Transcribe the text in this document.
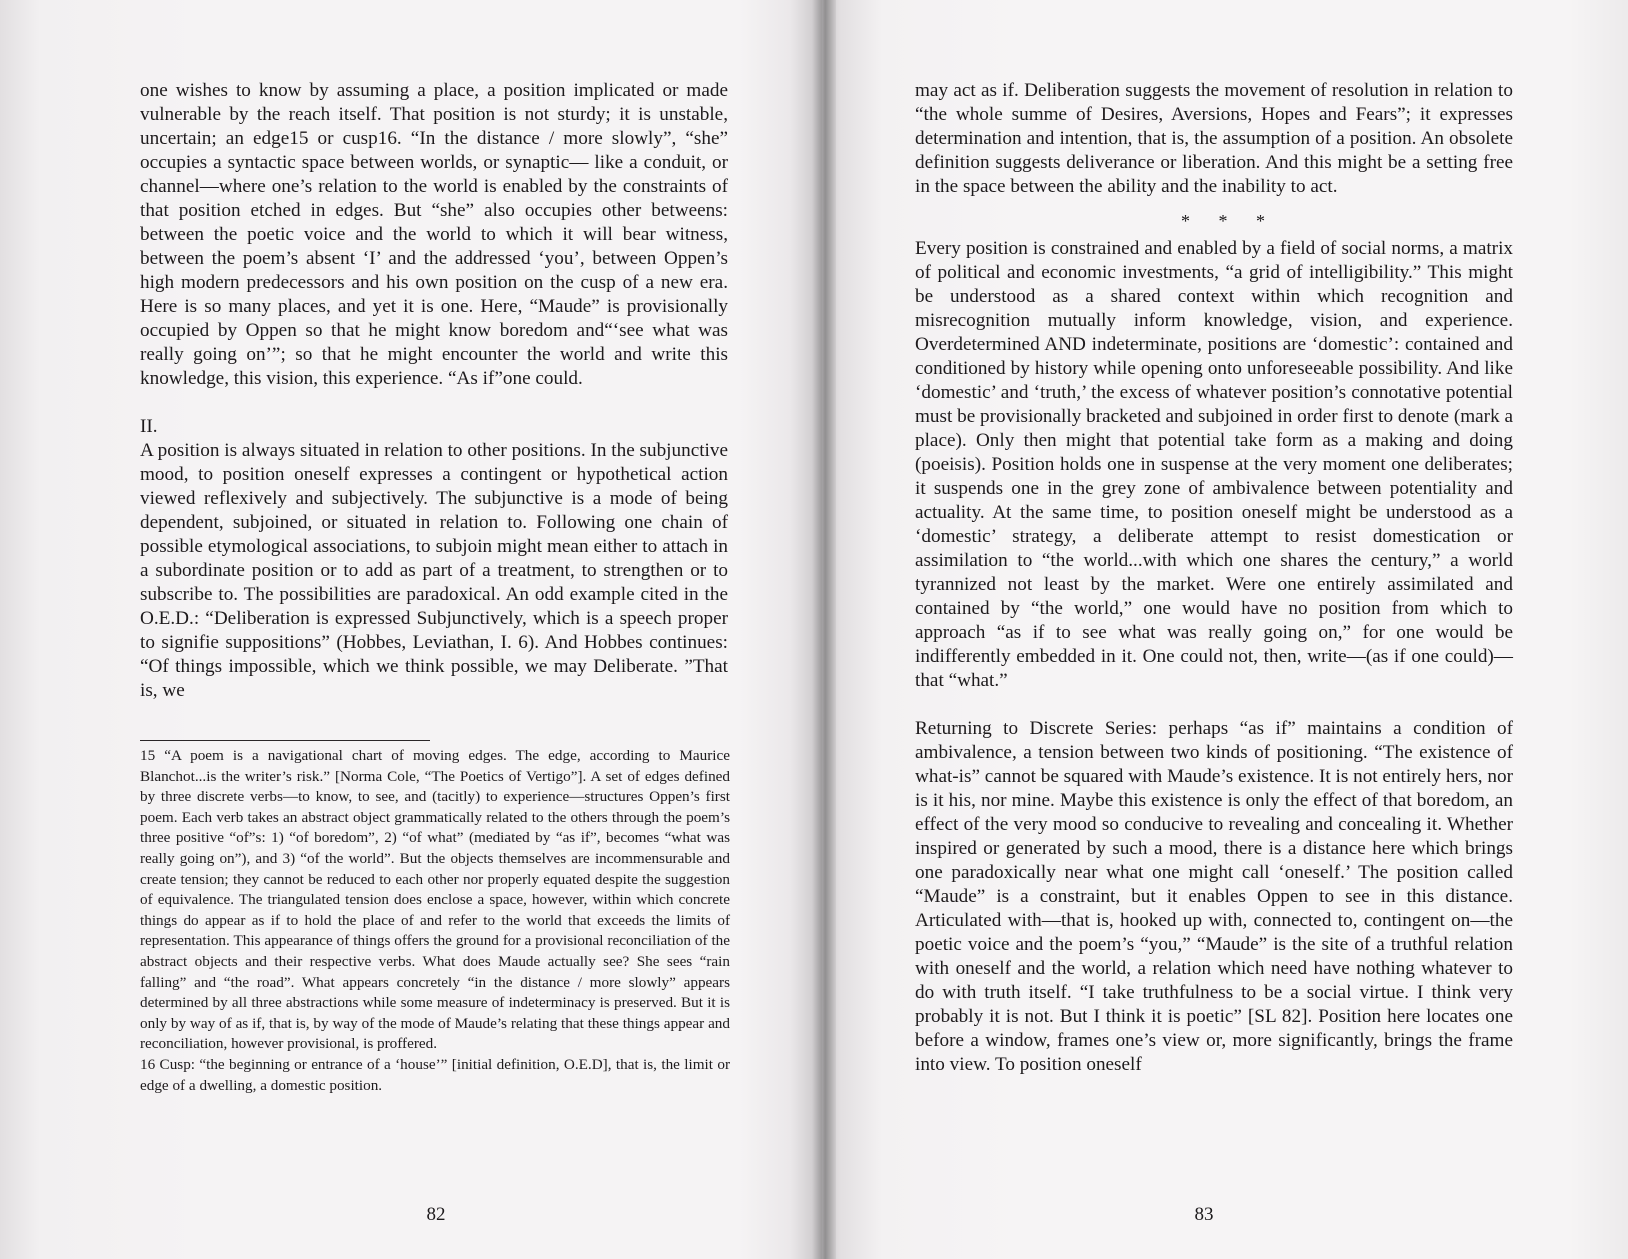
one wishes to know by assuming a place, a position implicated or made vulnerable by the reach itself. That position is not sturdy; it is unstable, uncertain; an edge15 or cusp16. “In the distance / more slowly”, “she” occupies a syntactic space between worlds, or synaptic— like a conduit, or channel—where one’s relation to the world is enabled by the constraints of that position etched in edges. But “she” also occupies other betweens: between the poetic voice and the world to which it will bear witness, between the poem’s absent ‘I’ and the addressed ‘you’, between Oppen’s high modern predecessors and his own position on the cusp of a new era. Here is so many places, and yet it is one. Here, “Maude” is provisionally occupied by Oppen so that he might know boredom and“‘see what was really going on’”; so that he might encounter the world and write this knowledge, this vision, this experience. “As if”one could.

II.

A position is always situated in relation to other positions. In the subjunctive mood, to position oneself expresses a contingent or hypothetical action viewed reflexively and subjectively. The subjunctive is a mode of being dependent, subjoined, or situated in relation to. Following one chain of possible etymological associations, to subjoin might mean either to attach in a subordinate position or to add as part of a treatment, to strengthen or to subscribe to. The possibilities are paradoxical. An odd example cited in the O.E.D.: “Deliberation is expressed Subjunctively, which is a speech proper to signifie suppositions” (Hobbes, Leviathan, I. 6). And Hobbes continues: “Of things impossible, which we think possible, we may Deliberate. ”That is, we

15 “A poem is a navigational chart of moving edges. The edge, according to Maurice Blanchot...is the writer’s risk.” [Norma Cole, “The Poetics of Vertigo”]. A set of edges defined by three discrete verbs—to know, to see, and (tacitly) to experience—structures Oppen’s first poem. Each verb takes an abstract object grammatically related to the others through the poem’s three positive “of”s: 1) “of boredom”, 2) “of what” (mediated by “as if”, becomes “what was really going on”), and 3) “of the world”. But the objects themselves are incommensurable and create tension; they cannot be reduced to each other nor properly equated despite the suggestion of equivalence. The triangulated tension does enclose a space, however, within which concrete things do appear as if to hold the place of and refer to the world that exceeds the limits of representation. This appearance of things offers the ground for a provisional reconciliation of the abstract objects and their respective verbs. What does Maude actually see? She sees “rain falling” and “the road”. What appears concretely “in the distance / more slowly” appears determined by all three abstractions while some measure of indeterminacy is preserved. But it is only by way of as if, that is, by way of the mode of Maude’s relating that these things appear and reconciliation, however provisional, is proffered.

16 Cusp: “the beginning or entrance of a ‘house’” [initial definition, O.E.D], that is, the limit or edge of a dwelling, a domestic position.

82

may act as if. Deliberation suggests the movement of resolution in relation to “the whole summe of Desires, Aversions, Hopes and Fears”; it expresses determination and intention, that is, the assumption of a position. An obsolete definition suggests deliverance or liberation. And this might be a setting free in the space between the ability and the inability to act.

* * *

Every position is constrained and enabled by a field of social norms, a matrix of political and economic investments, “a grid of intelligibility.” This might be understood as a shared context within which recognition and misrecognition mutually inform knowledge, vision, and experience. Overdetermined AND indeterminate, positions are ‘domestic’: contained and conditioned by history while opening onto unforeseeable possibility. And like ‘domestic’ and ‘truth,’ the excess of whatever position’s connotative potential must be provisionally bracketed and subjoined in order first to denote (mark a place). Only then might that potential take form as a making and doing (poeisis). Position holds one in suspense at the very moment one deliberates; it suspends one in the grey zone of ambivalence between potentiality and actuality. At the same time, to position oneself might be understood as a ‘domestic’ strategy, a deliberate attempt to resist domestication or assimilation to “the world...with which one shares the century,” a world tyrannized not least by the market. Were one entirely assimilated and contained by “the world,” one would have no position from which to approach “as if to see what was really going on,” for one would be indifferently embedded in it. One could not, then, write—(as if one could)—that “what.”

Returning to Discrete Series: perhaps “as if” maintains a condition of ambivalence, a tension between two kinds of positioning. “The existence of what-is” cannot be squared with Maude’s existence. It is not entirely hers, nor is it his, nor mine. Maybe this existence is only the effect of that boredom, an effect of the very mood so conducive to revealing and concealing it. Whether inspired or generated by such a mood, there is a distance here which brings one paradoxically near what one might call ‘oneself.’ The position called “Maude” is a constraint, but it enables Oppen to see in this distance. Articulated with—that is, hooked up with, connected to, contingent on—the poetic voice and the poem’s “you,” “Maude” is the site of a truthful relation with oneself and the world, a relation which need have nothing whatever to do with truth itself. “I take truthfulness to be a social virtue. I think very probably it is not. But I think it is poetic” [SL 82]. Position here locates one before a window, frames one’s view or, more significantly, brings the frame into view. To position oneself

83
